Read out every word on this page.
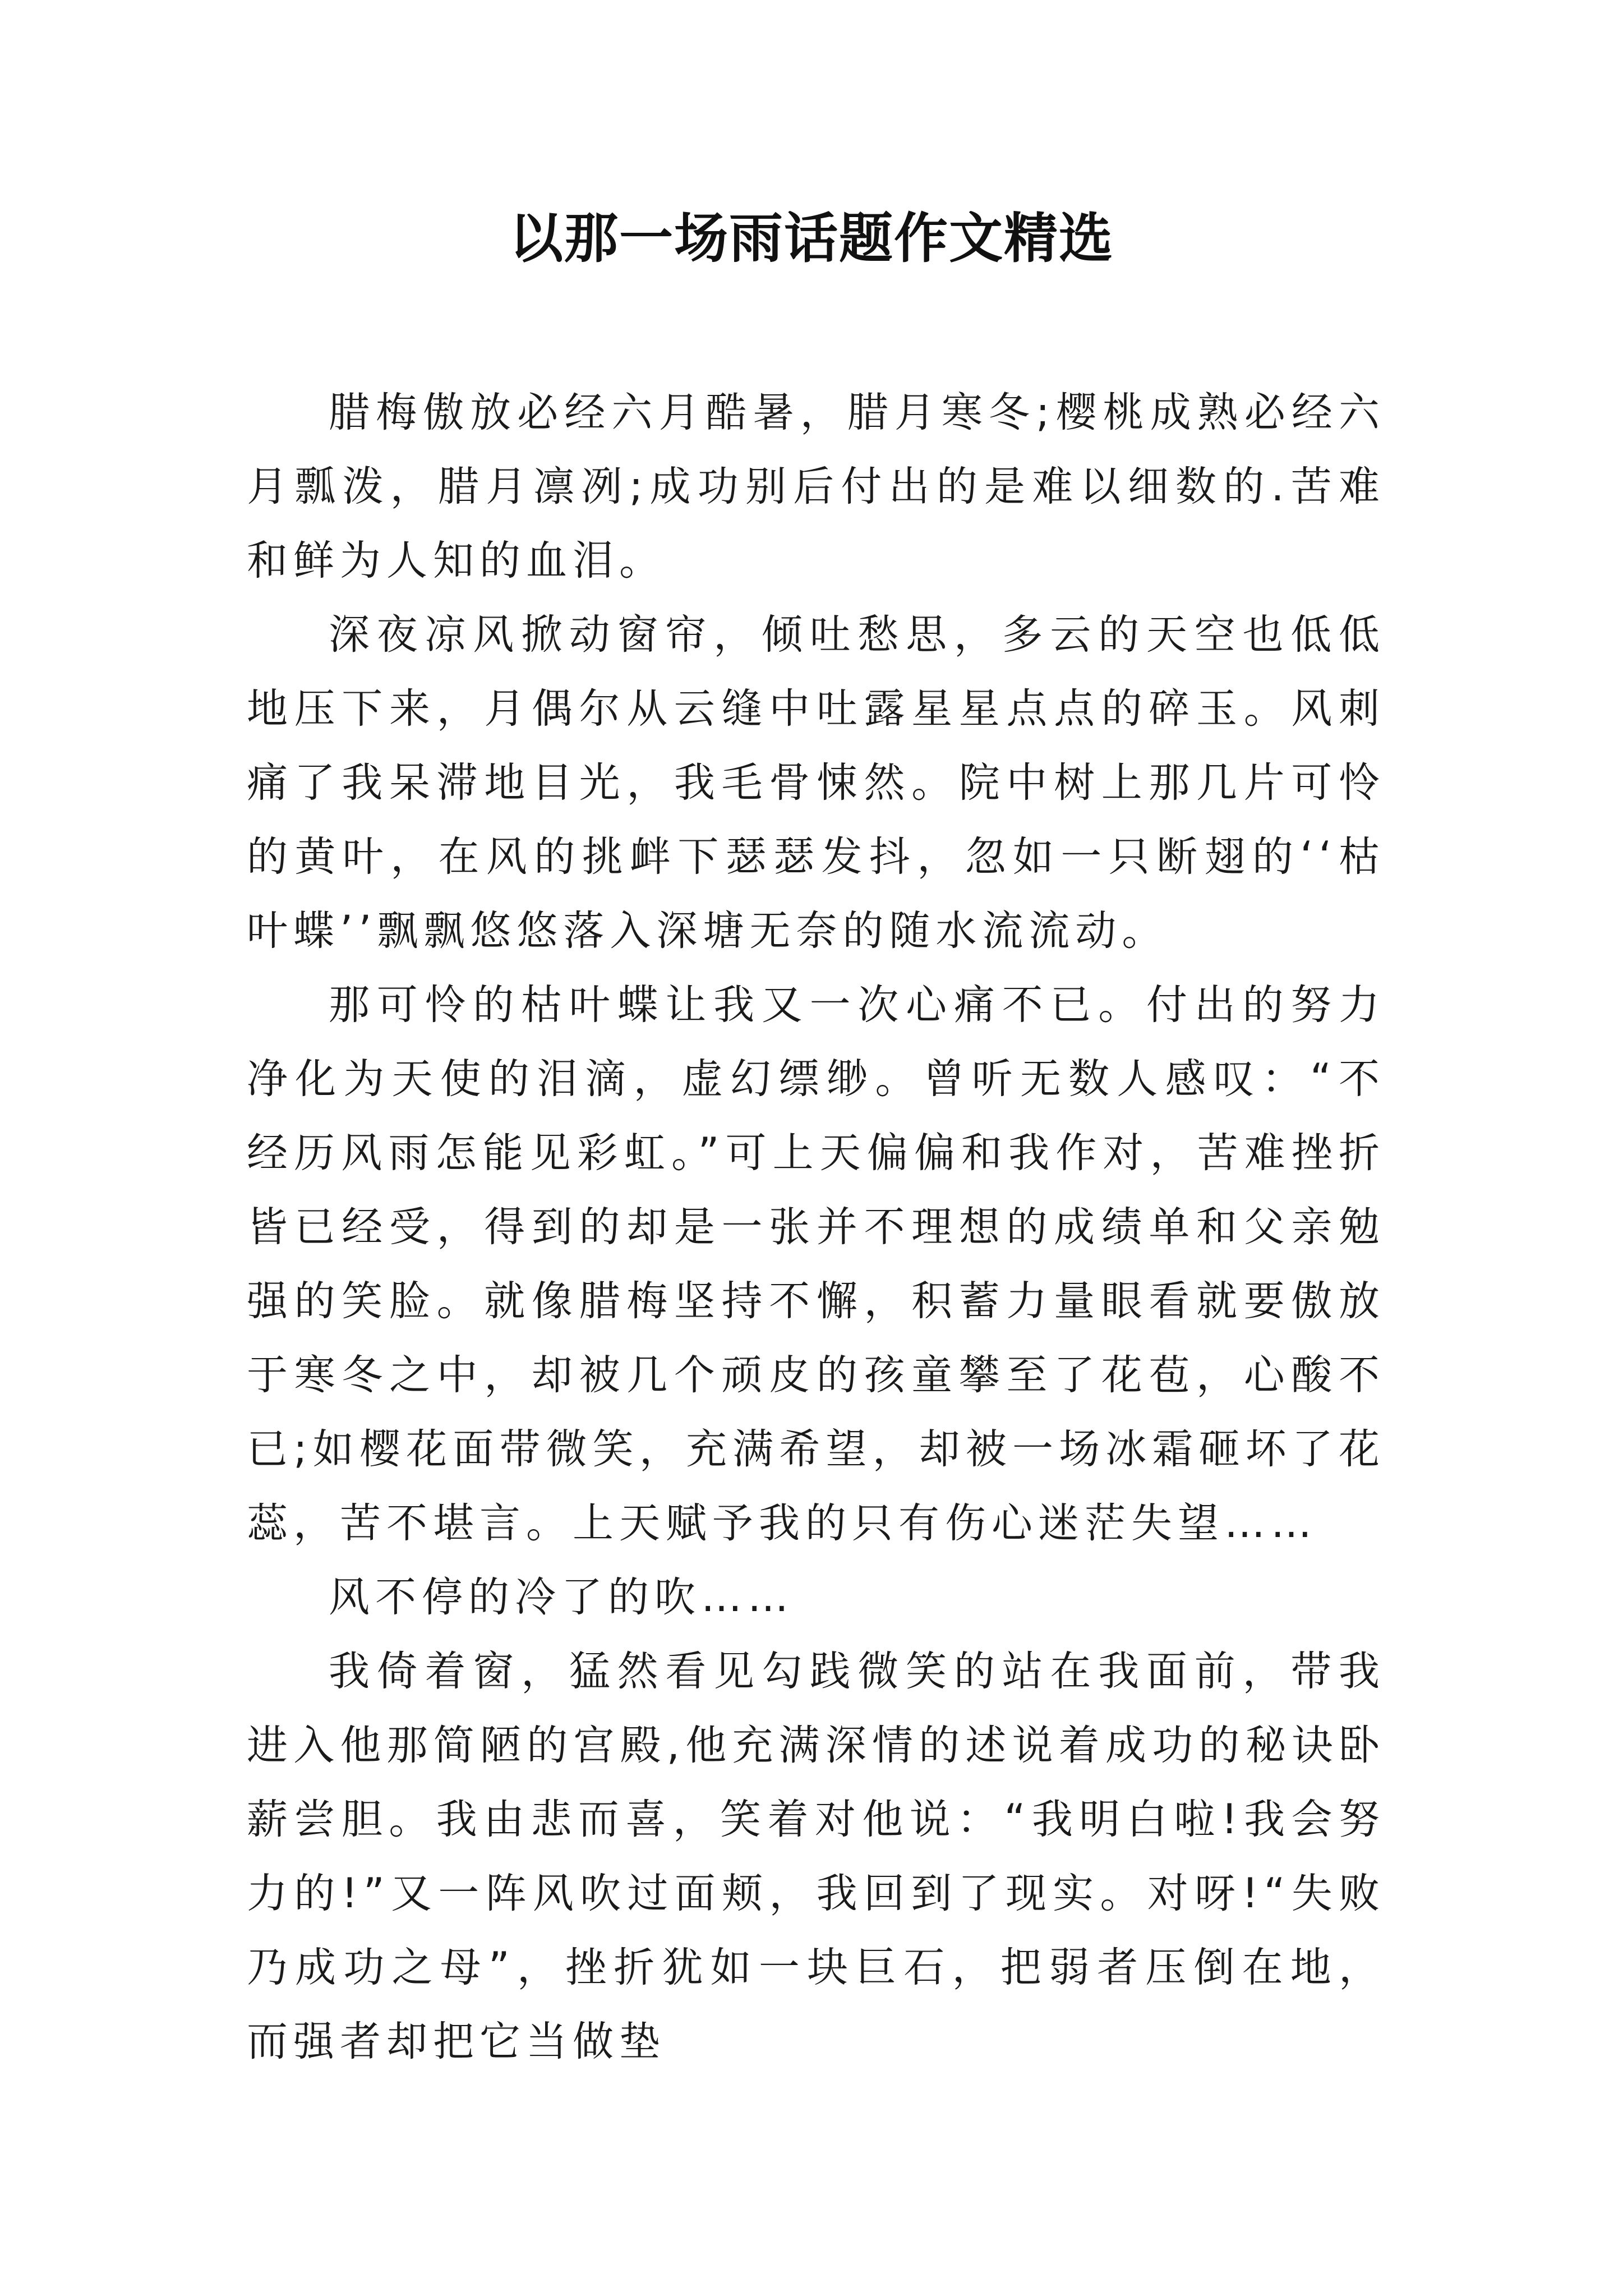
以那一场雨话题作文精选

腊梅傲放必经六月酷暑，腊月寒冬;樱桃成熟必经六月瓢泼，腊月凛冽;成功别后付出的是难以细数的.苦难和鲜为人知的血泪。

深夜凉风掀动窗帘，倾吐愁思，多云的天空也低低地压下来，月偶尔从云缝中吐露星星点点的碎玉。风刺痛了我呆滞地目光，我毛骨悚然。院中树上那几片可怜的黄叶，在风的挑衅下瑟瑟发抖，忽如一只断翅的‘‘枯叶蝶’’飘飘悠悠落入深塘无奈的随水流流动。

那可怜的枯叶蝶让我又一次心痛不已。付出的努力净化为天使的泪滴，虚幻缥缈。曾听无数人感叹：“不经历风雨怎能见彩虹。”可上天偏偏和我作对，苦难挫折皆已经受，得到的却是一张并不理想的成绩单和父亲勉强的笑脸。就像腊梅坚持不懈，积蓄力量眼看就要傲放于寒冬之中，却被几个顽皮的孩童攀至了花苞，心酸不已;如樱花面带微笑，充满希望，却被一场冰霜砸坏了花蕊，苦不堪言。上天赋予我的只有伤心迷茫失望……

风不停的冷了的吹……

我倚着窗，猛然看见勾践微笑的站在我面前，带我进入他那简陋的宫殿,他充满深情的述说着成功的秘诀卧薪尝胆。我由悲而喜，笑着对他说：“我明白啦!我会努力的!”又一阵风吹过面颊，我回到了现实。对呀!“失败乃成功之母”，挫折犹如一块巨石，把弱者压倒在地，而强者却把它当做垫
